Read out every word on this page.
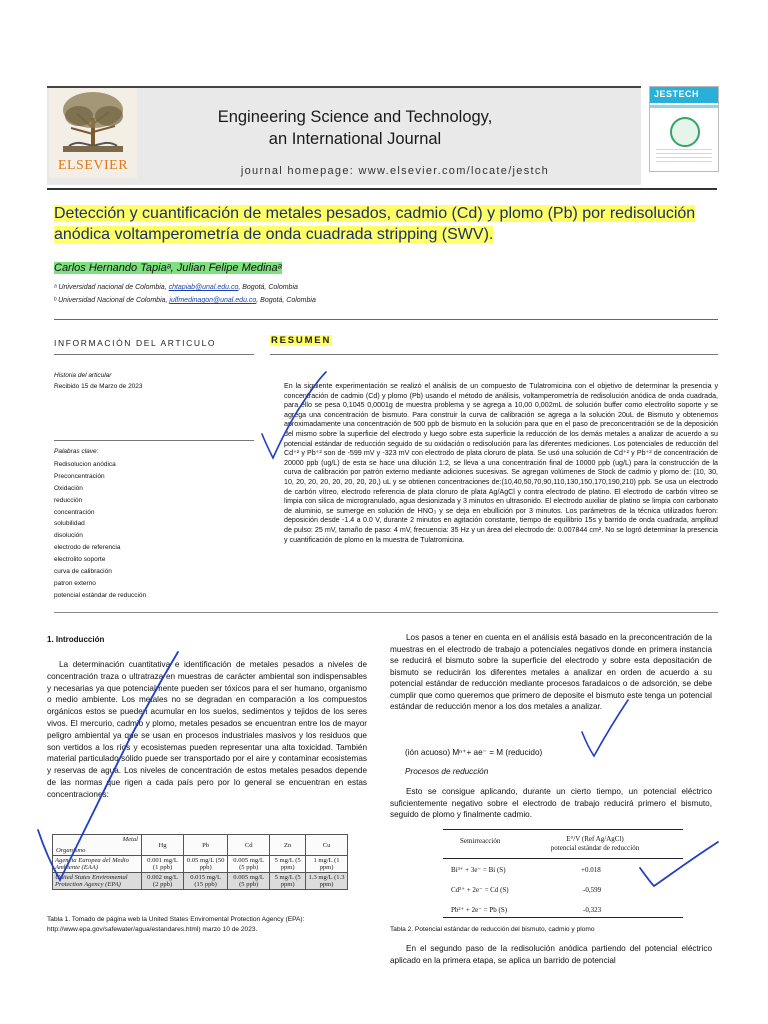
ELSEVIER
Engineering Science and Technology,
an International Journal
journal homepage: www.elsevier.com/locate/jestch
JESTECH
Detección y cuantificación de metales pesados, cadmio (Cd) y plomo (Pb) por redisolución anódica voltamperometría de onda cuadrada stripping (SWV).
Carlos Hernando Tapiaᵃ, Julian Felipe Medinaᵃ
ᵃ Universidad nacional de Colombia, chtapiab@unal.edu.co, Bogotá, Colombia
ᵇ Universidad Nacional de Colombia, julfmedinagon@unal.edu.co, Bogotá, Colombia
INFORMACIÓN DEL ARTICULO
Historia del articular
Recibido 15 de Marzo de 2023
Palabras clave:
Redisolucion anódica
Preconcentración
Oxidación
reducción
concentración
solubilidad
disolución
electrodo de referencia
electrolito soporte
curva de calibración
patron externo
potencial estándar de reducción
RESUMEN

En la siguiente experimentación se realizó el análisis de un compuesto de Tulatromicina con el objetivo de determinar la presencia y concentración de cadmio (Cd) y plomo (Pb) usando el método de análisis, voltamperometría de redisolución anódica de onda cuadrada, para ello se pesa 0,1045 0,0001g de muestra problema y se agrega a 10,00 0,002mL de solución buffer como electrolito soporte y se agrega una concentración de bismuto. Para construir la curva de calibración se agrega a la solución 20uL de Bismuto y obtenemos aproximadamente una concentración de 500 ppb de bismuto en la solución para que en el paso de preconcentración se de la deposición del mismo sobre la superficie del electrodo y luego sobre esta superficie la reducción de los demás metales a analizar de acuerdo a su potencial estándar de reducción seguido de su oxidación o redisolución para las diferentes mediciones. Los potenciales de reducción del Cd⁺² y Pb⁺² son de -599 mV y -323 mV con electrodo de plata cloruro de plata. Se usó una solución de Cd⁺² y Pb⁺² de concentración de 20000 ppb (ug/L) de esta se hace una dilución 1:2, se lleva a una concentración final de 10000 ppb (ug/L) para la construcción de la curva de calibración por patrón externo mediante adiciones sucesivas. Se agregan volúmenes de Stock de cadmio y plomo de: (10, 30, 10, 20, 20, 20, 20, 20, 20, 20,) uL y se obtienen concentraciones de:(10,40,50,70,90,110,130,150,170,190,210) ppb. Se usa un electrodo de carbón vítreo, electrodo referencia de plata cloruro de plata Ag/AgCl y contra electrodo de platino. El electrodo de carbón vítreo se limpia con silica de microgranulado, agua desionizada y 3 minutos en ultrasonido. El electrodo auxiliar de platino se limpia con carbonato de aluminio, se sumerge en solución de HNO₃ y se deja en ebullición por 3 minutos. Los parámetros de la técnica utilizados fueron: deposición desde -1.4 a 0.0 V, durante 2 minutos en agitación constante, tiempo de equilibrio 15s y barrido de onda cuadrada, amplitud de pulso: 25 mV, tamaño de paso: 4 mV, frecuencia: 35 Hz y un área del electrodo de: 0.007844 cm². No se logró determinar la presencia y cuantificación de plomo en la muestra de Tulatromicina.

1. Introducción

La determinación cuantitativa e identificación de metales pesados a niveles de concentración traza o ultratraza en muestras de carácter ambiental son indispensables y necesarias ya que potencialmente pueden ser tóxicos para el ser humano, organismo o medio ambiente. Los metales no se degradan en comparación a los compuestos orgánicos estos se pueden acumular en los suelos, sedimentos y tejidos de los seres vivos. El mercurio, cadmio y plomo, metales pesados se encuentran entre los de mayor peligro ambiental ya que se usan en procesos industriales masivos y los residuos que son vertidos a los ríos y ecosistemas pueden representar una alta toxicidad. También material particulado sólido puede ser transportado por el aire y contaminar ecosistemas y reservas de agua. Los niveles de concentración de estos metales pesados depende de las normas que rigen a cada país pero por lo general se encuentran en estas concentraciones:

Los pasos a tener en cuenta en el análisis está basado en la preconcentración de la muestras en el electrodo de trabajo a potenciales negativos donde en primera instancia se reducirá el bismuto sobre la superficie del electrodo y sobre esta depositación de bismuto se reducirán los diferentes metales a analizar en orden de acuerdo a su potencial estándar de reducción mediante procesos faradaicos o de adsorción, se debe cumplir que como queremos que primero de deposite el bismuto este tenga un potencial estándar de reducción menor a los dos metales a analizar.

(ión acuoso) Mⁿ⁺+ ae⁻ = M (reducido)
Procesos de reducción

Esto se consigue aplicando, durante un cierto tiempo, un potencial eléctrico suficientemente negativo sobre el electrodo de trabajo reducirá primero el bismuto, seguido de plomo y finalmente cadmio.

En el segundo paso de la redisolución anódica partiendo del potencial eléctrico aplicado en la primera etapa, se aplica un barrido de potencial

Metal
Organismo	Hg	Pb	Cd	Zn	Cu
Agencia Europea del Medio Ambiente (EAA)	0.001 mg/L (1 ppb)	0.05 mg/L (50 ppb)	0.005 mg/L (5 ppb)	5 mg/L (5 ppm)	1 mg/L (1 ppm)
United States Enviromental Protection Agency (EPA)	0.002 mg/L (2 ppb)	0.015 mg/L (15 ppb)	0.005 mg/L (5 ppb)	5 mg/L (5 ppm)	1.3 mg/L (1.3 ppm)
Tabla 1. Tomado de página web la United States Enviromental Protection Agency (EPA): http://www.epa.gov/safewater/agua/estandares.html) marzo 10 de 2023.
Semirreacción	E°/V (Ref Ag/AgCl)
potencial estándar de reducción
Bi³⁺ + 3e⁻ = Bi (S)	+0.018
Cd²⁺ + 2e⁻ = Cd (S)	-0,599
Pb²⁺ + 2e⁻ = Pb (S)	-0,323
Tabla 2. Potencial estándar de reducción del bismuto, cadmio y plomo
